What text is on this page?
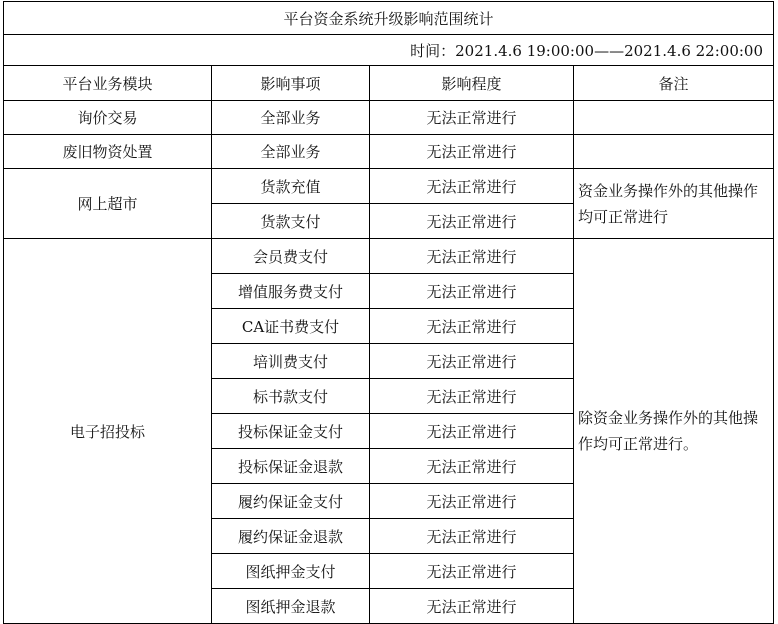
平台资金系统升级影响范围统计			
时间：2021.4.6 19:00:00——2021.4.6 22:00:00			
平台业务模块	影响事项	影响程度	备注
询价交易	全部业务	无法正常进行	
废旧物资处置	全部业务	无法正常进行	
网上超市	货款充值	无法正常进行	资金业务操作外的其他操作均可正常进行
	货款支付	无法正常进行	
电子招投标	会员费支付	无法正常进行	除资金业务操作外的其他操作均可正常进行。
	增值服务费支付	无法正常进行	
	CA证书费支付	无法正常进行	
	培训费支付	无法正常进行	
	标书款支付	无法正常进行	
	投标保证金支付	无法正常进行	
	投标保证金退款	无法正常进行	
	履约保证金支付	无法正常进行	
	履约保证金退款	无法正常进行	
	图纸押金支付	无法正常进行	
	图纸押金退款	无法正常进行	
